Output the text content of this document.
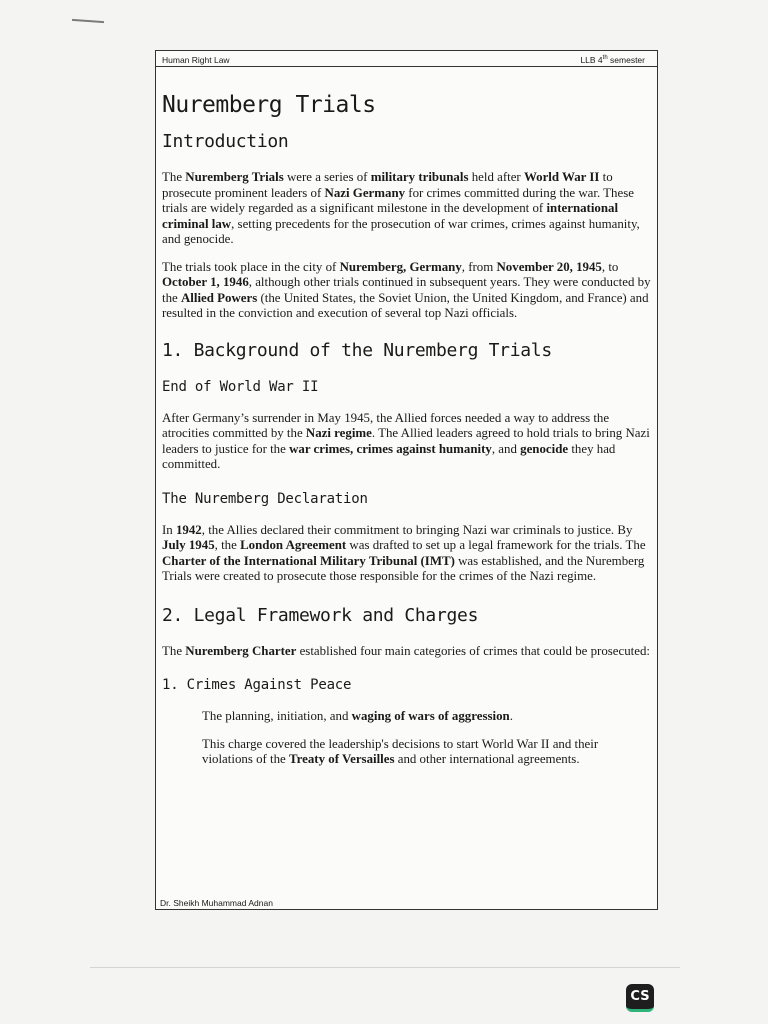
Human Right Law	LLB 4th semester
Nuremberg Trials
Introduction

The Nuremberg Trials were a series of military tribunals held after World War II to prosecute prominent leaders of Nazi Germany for crimes committed during the war. These trials are widely regarded as a significant milestone in the development of international criminal law, setting precedents for the prosecution of war crimes, crimes against humanity, and genocide.

The trials took place in the city of Nuremberg, Germany, from November 20, 1945, to October 1, 1946, although other trials continued in subsequent years. They were conducted by the Allied Powers (the United States, the Soviet Union, the United Kingdom, and France) and resulted in the conviction and execution of several top Nazi officials.

1. Background of the Nuremberg Trials
End of World War II

After Germany’s surrender in May 1945, the Allied forces needed a way to address the atrocities committed by the Nazi regime. The Allied leaders agreed to hold trials to bring Nazi leaders to justice for the war crimes, crimes against humanity, and genocide they had committed.

The Nuremberg Declaration

In 1942, the Allies declared their commitment to bringing Nazi war criminals to justice. By July 1945, the London Agreement was drafted to set up a legal framework for the trials. The Charter of the International Military Tribunal (IMT) was established, and the Nuremberg Trials were created to prosecute those responsible for the crimes of the Nazi regime.

2. Legal Framework and Charges

The Nuremberg Charter established four main categories of crimes that could be prosecuted:

1. Crimes Against Peace

The planning, initiation, and waging of wars of aggression.

This charge covered the leadership's decisions to start World War II and their violations of the Treaty of Versailles and other international agreements.

Dr. Sheikh Muhammad Adnan
CS
